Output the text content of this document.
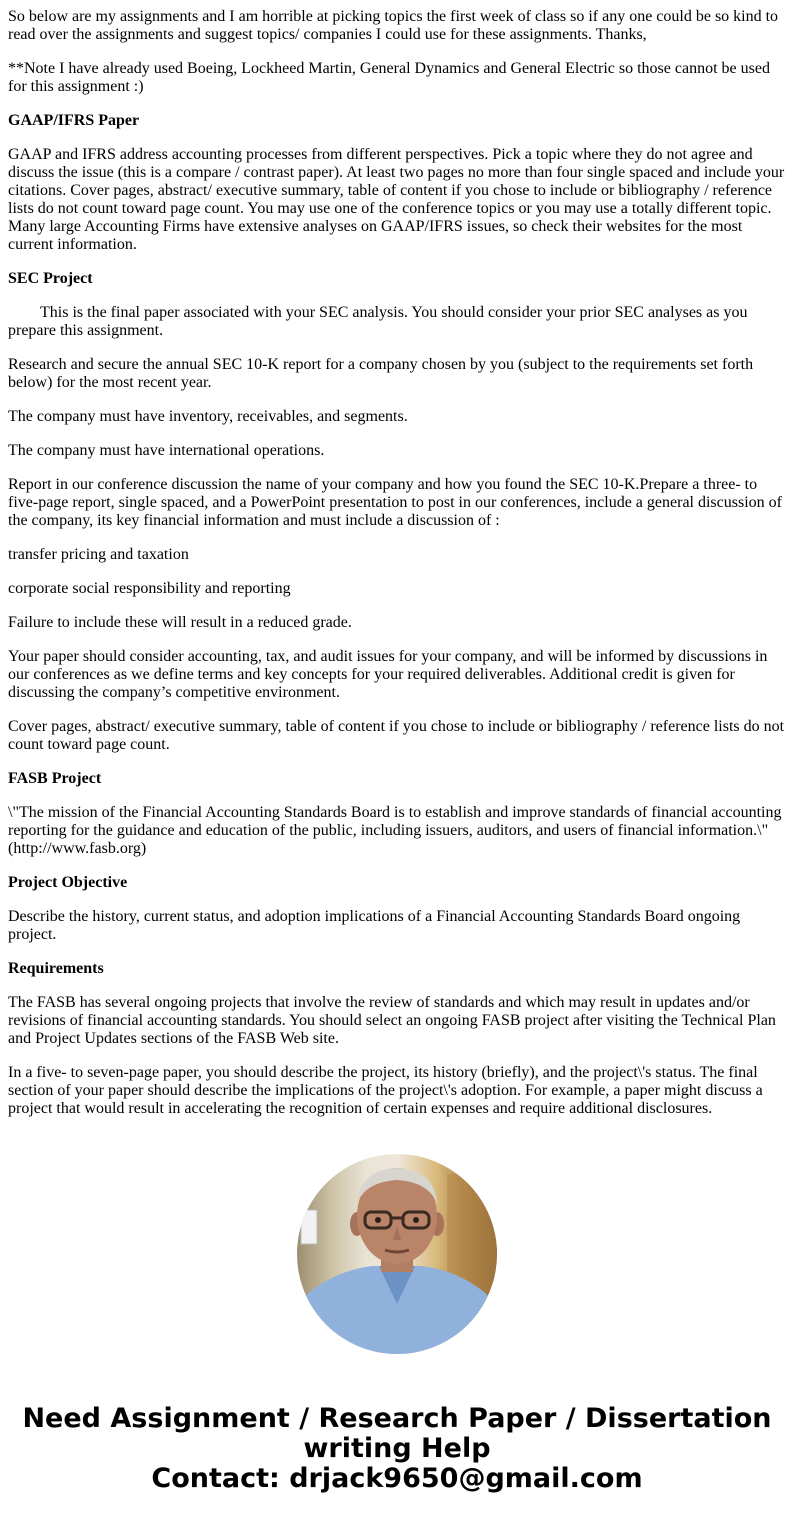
So below are my assignments and I am horrible at picking topics the first week of class so if any one could be so kind to read over the assignments and suggest topics/ companies I could use for these assignments. Thanks,

**Note I have already used Boeing, Lockheed Martin, General Dynamics and General Electric so those cannot be used for this assignment :)

GAAP/IFRS Paper

GAAP and IFRS address accounting processes from different perspectives. Pick a topic where they do not agree and discuss the issue (this is a compare / contrast paper). At least two pages no more than four single spaced and include your citations. Cover pages, abstract/ executive summary, table of content if you chose to include or bibliography / reference lists do not count toward page count. You may use one of the conference topics or you may use a totally different topic. Many large Accounting Firms have extensive analyses on GAAP/IFRS issues, so check their websites for the most current information.

SEC Project

This is the final paper associated with your SEC analysis. You should consider your prior SEC analyses as you prepare this assignment.

Research and secure the annual SEC 10-K report for a company chosen by you (subject to the requirements set forth below) for the most recent year.

The company must have inventory, receivables, and segments.

The company must have international operations.

Report in our conference discussion the name of your company and how you found the SEC 10-K.Prepare a three- to five-page report, single spaced, and a PowerPoint presentation to post in our conferences, include a general discussion of the company, its key financial information and must include a discussion of :

transfer pricing and taxation

corporate social responsibility and reporting

Failure to include these will result in a reduced grade.

Your paper should consider accounting, tax, and audit issues for your company, and will be informed by discussions in our conferences as we define terms and key concepts for your required deliverables. Additional credit is given for discussing the company’s competitive environment.

Cover pages, abstract/ executive summary, table of content if you chose to include or bibliography / reference lists do not count toward page count.

FASB Project

\"The mission of the Financial Accounting Standards Board is to establish and improve standards of financial accounting reporting for the guidance and education of the public, including issuers, auditors, and users of financial information.\"(http://www.fasb.org)

Project Objective

Describe the history, current status, and adoption implications of a Financial Accounting Standards Board ongoing project.

Requirements

The FASB has several ongoing projects that involve the review of standards and which may result in updates and/or revisions of financial accounting standards. You should select an ongoing FASB project after visiting the Technical Plan and Project Updates sections of the FASB Web site.

In a five- to seven-page paper, you should describe the project, its history (briefly), and the project\'s status. The final section of your paper should describe the implications of the project\'s adoption. For example, a paper might discuss a project that would result in accelerating the recognition of certain expenses and require additional disclosures.

Need Assignment / Research Paper / Dissertation
writing Help
Contact: drjack9650@gmail.com
